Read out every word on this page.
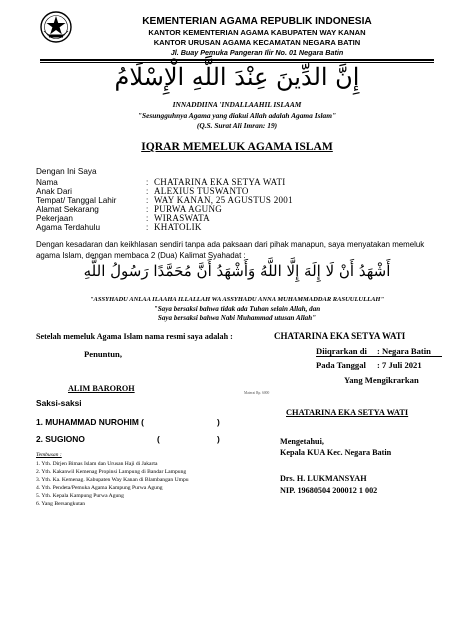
KEMENTERIAN AGAMA REPUBLIK INDONESIA
KANTOR KEMENTERIAN AGAMA KABUPATEN WAY KANAN
KANTOR URUSAN AGAMA KECAMATAN NEGARA BATIN
Jl. Buay Pemuka Pangeran Ilir No. 01 Negara Batin
إِنَّ الدِّينَ عِنْدَ اللَّهِ الْإِسْلَامُ
INNADDIINA 'INDALLAAHIL ISLAAM
"Sesungguhnya Agama yang diakui Allah adalah Agama Islam"
(Q.S. Surat Ali Imran: 19)
IQRAR MEMELUK AGAMA ISLAM
Dengan Ini Saya
Nama	: CHATARINA EKA SETYA WATI
Anak Dari	: ALEXIUS TUSWANTO
Tempat/ Tanggal Lahir	: WAY KANAN, 25 AGUSTUS 2001
Alamat Sekarang	: PURWA AGUNG
Pekerjaan	: WIRASWATA
Agama Terdahulu	: KHATOLIK
Dengan kesadaran dan keikhlasan sendiri tanpa ada paksaan dari pihak manapun, saya menyatakan memeluk
agama Islam, dengan membaca 2 (Dua) Kalimat Syahadat :
أَشْهَدُ أَنْ لَا إِلَهَ إِلَّا اللَّهُ وَأَشْهَدُ أَنَّ مُحَمَّدًا رَسُولُ اللَّهِ
"ASSYHADU ANLAA ILAAHA ILLALLAH WA ASSYHADU ANNA MUHAMMADDAR RASUULULLAH"
"Saya bersaksi bahwa tidak ada Tuhan selain Allah, dan
Saya bersaksi bahwa Nabi Muhammad utusan Allah"
Setelah memeluk Agama Islam nama resmi saya adalah :	CHATARINA EKA SETYA WATI
Penuntun,	Diiqrarkan di : Negara Batin
Pada Tanggal : 7 Juli 2021
Yang Mengikrarkan
ALIM BAROROH	Materai Rp. 6000
CHATARINA EKA SETYA WATI
Saksi-saksi
1. MUHAMMAD NUROHIM (	)
2. SUGIONO	(	)	Mengetahui,
Kepala KUA Kec. Negara Batin
Drs. H. LUKMANSYAH
NIP. 19680504 200012 1 002
Tembusan :
1. Yth. Dirjen Bimas Islam dan Urusan Haji di Jakarta
2. Yth. Kakanwil Kemenag Propinsi Lampung di Bandar Lampung
3. Yth. Ka. Kemenag. Kabupaten Way Kanan di Blambangan Umpu
4. Yth. Pendeta/Pemuka Agama Kampung Purwa Agung
5. Yth. Kepala Kampung Purwa Agung
6. Yang Bersangkutan
